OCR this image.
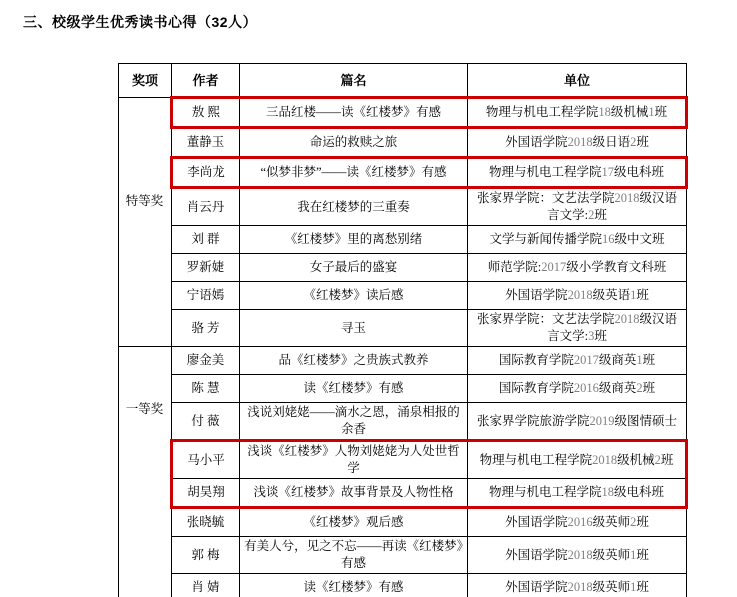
三、校级学生优秀读书心得（32人）
奖项	作者	篇名	单位
特等奖	敖 熙	三品红楼——读《红楼梦》有感	物理与机电工程学院18级机械1班
	董静玉	命运的救赎之旅	外国语学院2018级日语2班
	李尚龙	“似梦非梦”——读《红楼梦》有感	物理与机电工程学院17级电科班
	肖云丹	我在红楼梦的三重奏	张家界学院：文艺法学院2018级汉语言文学:2班
	刘 群	《红楼梦》里的离愁别绪	文学与新闻传播学院16级中文班
	罗新婕	女子最后的盛宴	师范学院:2017级小学教育文科班
	宁语嫣	《红楼梦》读后感	外国语学院2018级英语1班
	骆 芳	寻玉	张家界学院：文艺法学院2018级汉语言文学:3班
一等奖	廖金美	品《红楼梦》之贵族式教养	国际教育学院2017级商英1班
	陈 慧	读《红楼梦》有感	国际教育学院2016级商英2班
	付 薇	浅说刘姥姥——滴水之恩，涌泉相报的余香	张家界学院旅游学院2019级图情硕士
	马小平	浅谈《红楼梦》人物刘姥姥为人处世哲学	物理与机电工程学院2018级机械2班
	胡昊翔	浅谈《红楼梦》故事背景及人物性格	物理与机电工程学院18级电科班
	张晓毓	《红楼梦》观后感	外国语学院2016级英师2班
	郭 梅	有美人兮，见之不忘——再读《红楼梦》有感	外国语学院2018级英师1班
	肖 婧	读《红楼梦》有感	外国语学院2018级英师1班
